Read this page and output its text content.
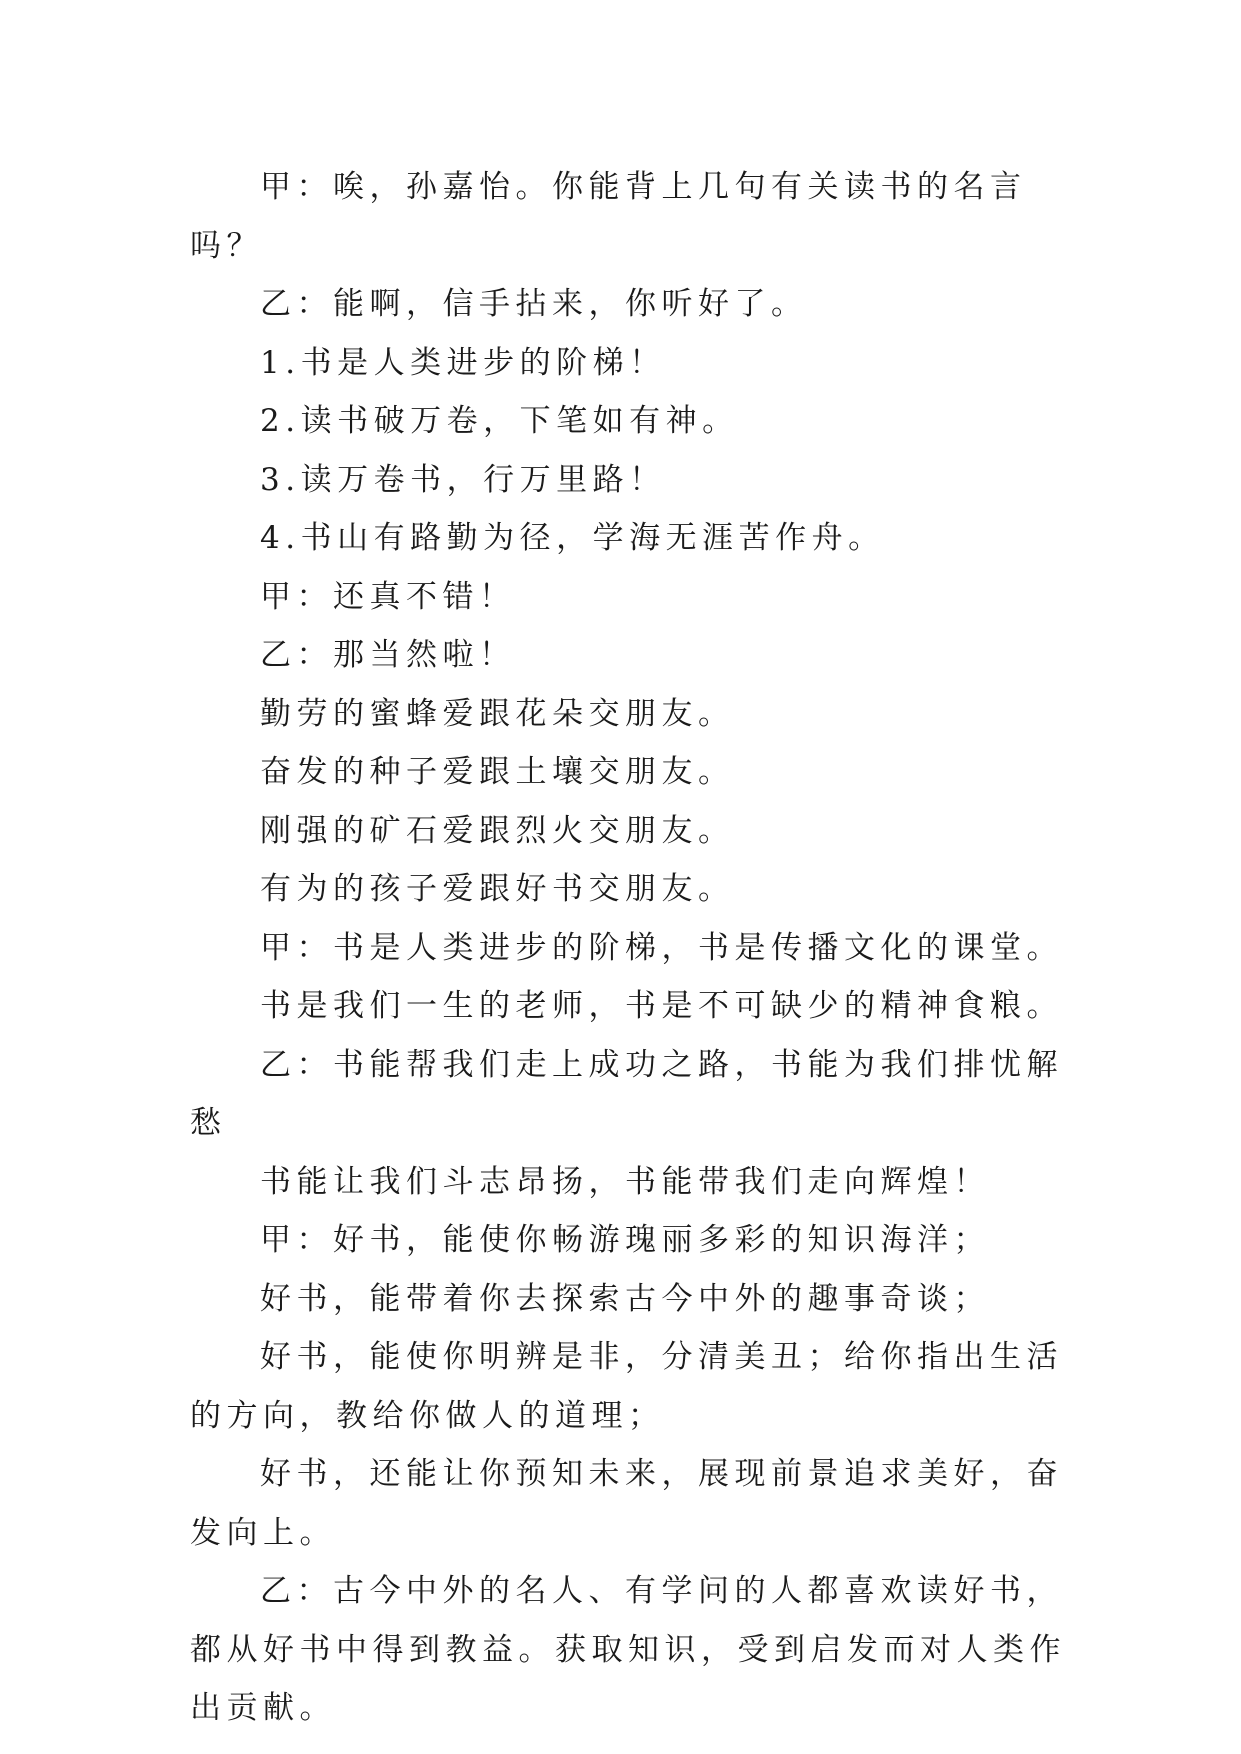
甲：唉，孙嘉怡。你能背上几句有关读书的名言吗？

乙：能啊，信手拈来，你听好了。

1.书是人类进步的阶梯！

2.读书破万卷，下笔如有神。

3.读万卷书，行万里路！

4.书山有路勤为径，学海无涯苦作舟。

甲：还真不错！

乙：那当然啦！

勤劳的蜜蜂爱跟花朵交朋友。

奋发的种子爱跟土壤交朋友。

刚强的矿石爱跟烈火交朋友。

有为的孩子爱跟好书交朋友。

甲：书是人类进步的阶梯，书是传播文化的课堂。

书是我们一生的老师，书是不可缺少的精神食粮。

乙：书能帮我们走上成功之路，书能为我们排忧解愁

书能让我们斗志昂扬，书能带我们走向辉煌！

甲：好书，能使你畅游瑰丽多彩的知识海洋；

好书，能带着你去探索古今中外的趣事奇谈；

好书，能使你明辨是非，分清美丑；给你指出生活的方向，教给你做人的道理；

好书，还能让你预知未来，展现前景追求美好，奋发向上。

乙：古今中外的名人、有学问的人都喜欢读好书，都从好书中得到教益。获取知识，受到启发而对人类作出贡献。
